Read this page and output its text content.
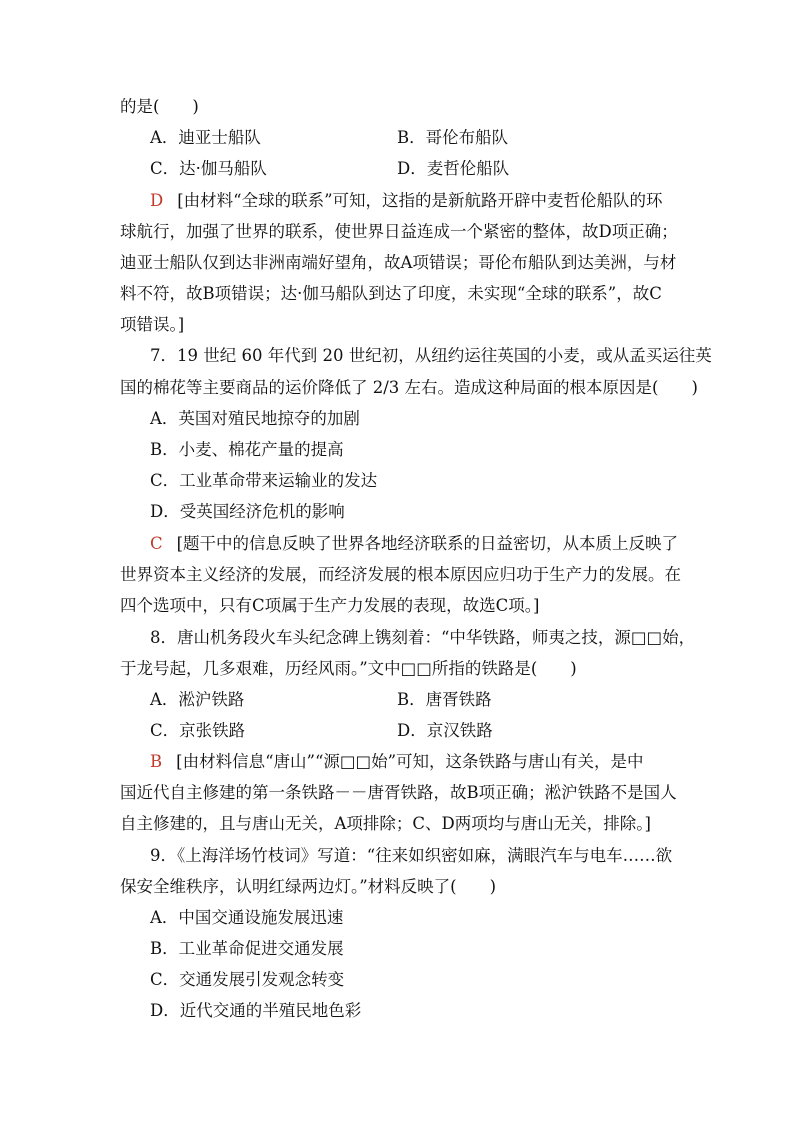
的是(　　)
A．迪亚士船队	B．哥伦布船队
C．达·伽马船队	D．麦哲伦船队
D [由材料“全球的联系”可知，这指的是新航路开辟中麦哲伦船队的环
球航行，加强了世界的联系，使世界日益连成一个紧密的整体，故D项正确；
迪亚士船队仅到达非洲南端好望角，故A项错误；哥伦布船队到达美洲，与材
料不符，故B项错误；达·伽马船队到达了印度，未实现“全球的联系”，故C
项错误。]
7．19 世纪 60 年代到 20 世纪初，从纽约运往英国的小麦，或从孟买运往英
国的棉花等主要商品的运价降低了 2/3 左右。造成这种局面的根本原因是(　　)
A．英国对殖民地掠夺的加剧
B．小麦、棉花产量的提高
C．工业革命带来运输业的发达
D．受英国经济危机的影响
C [题干中的信息反映了世界各地经济联系的日益密切，从本质上反映了
世界资本主义经济的发展，而经济发展的根本原因应归功于生产力的发展。在
四个选项中，只有C项属于生产力发展的表现，故选C项。]
8．唐山机务段火车头纪念碑上镌刻着：“中华铁路，师夷之技，源□□始，
于龙号起，几多艰难，历经风雨。”文中□□所指的铁路是(　　)
A．淞沪铁路	B．唐胥铁路
C．京张铁路	D．京汉铁路
B [由材料信息“唐山”“源□□始”可知，这条铁路与唐山有关，是中
国近代自主修建的第一条铁路－－唐胥铁路，故B项正确；淞沪铁路不是国人
自主修建的，且与唐山无关，A项排除；C、D两项均与唐山无关，排除。]
9．《上海洋场竹枝词》写道：“往来如织密如麻，满眼汽车与电车……欲
保安全维秩序，认明红绿两边灯。”材料反映了(　　)
A．中国交通设施发展迅速
B．工业革命促进交通发展
C．交通发展引发观念转变
D．近代交通的半殖民地色彩
